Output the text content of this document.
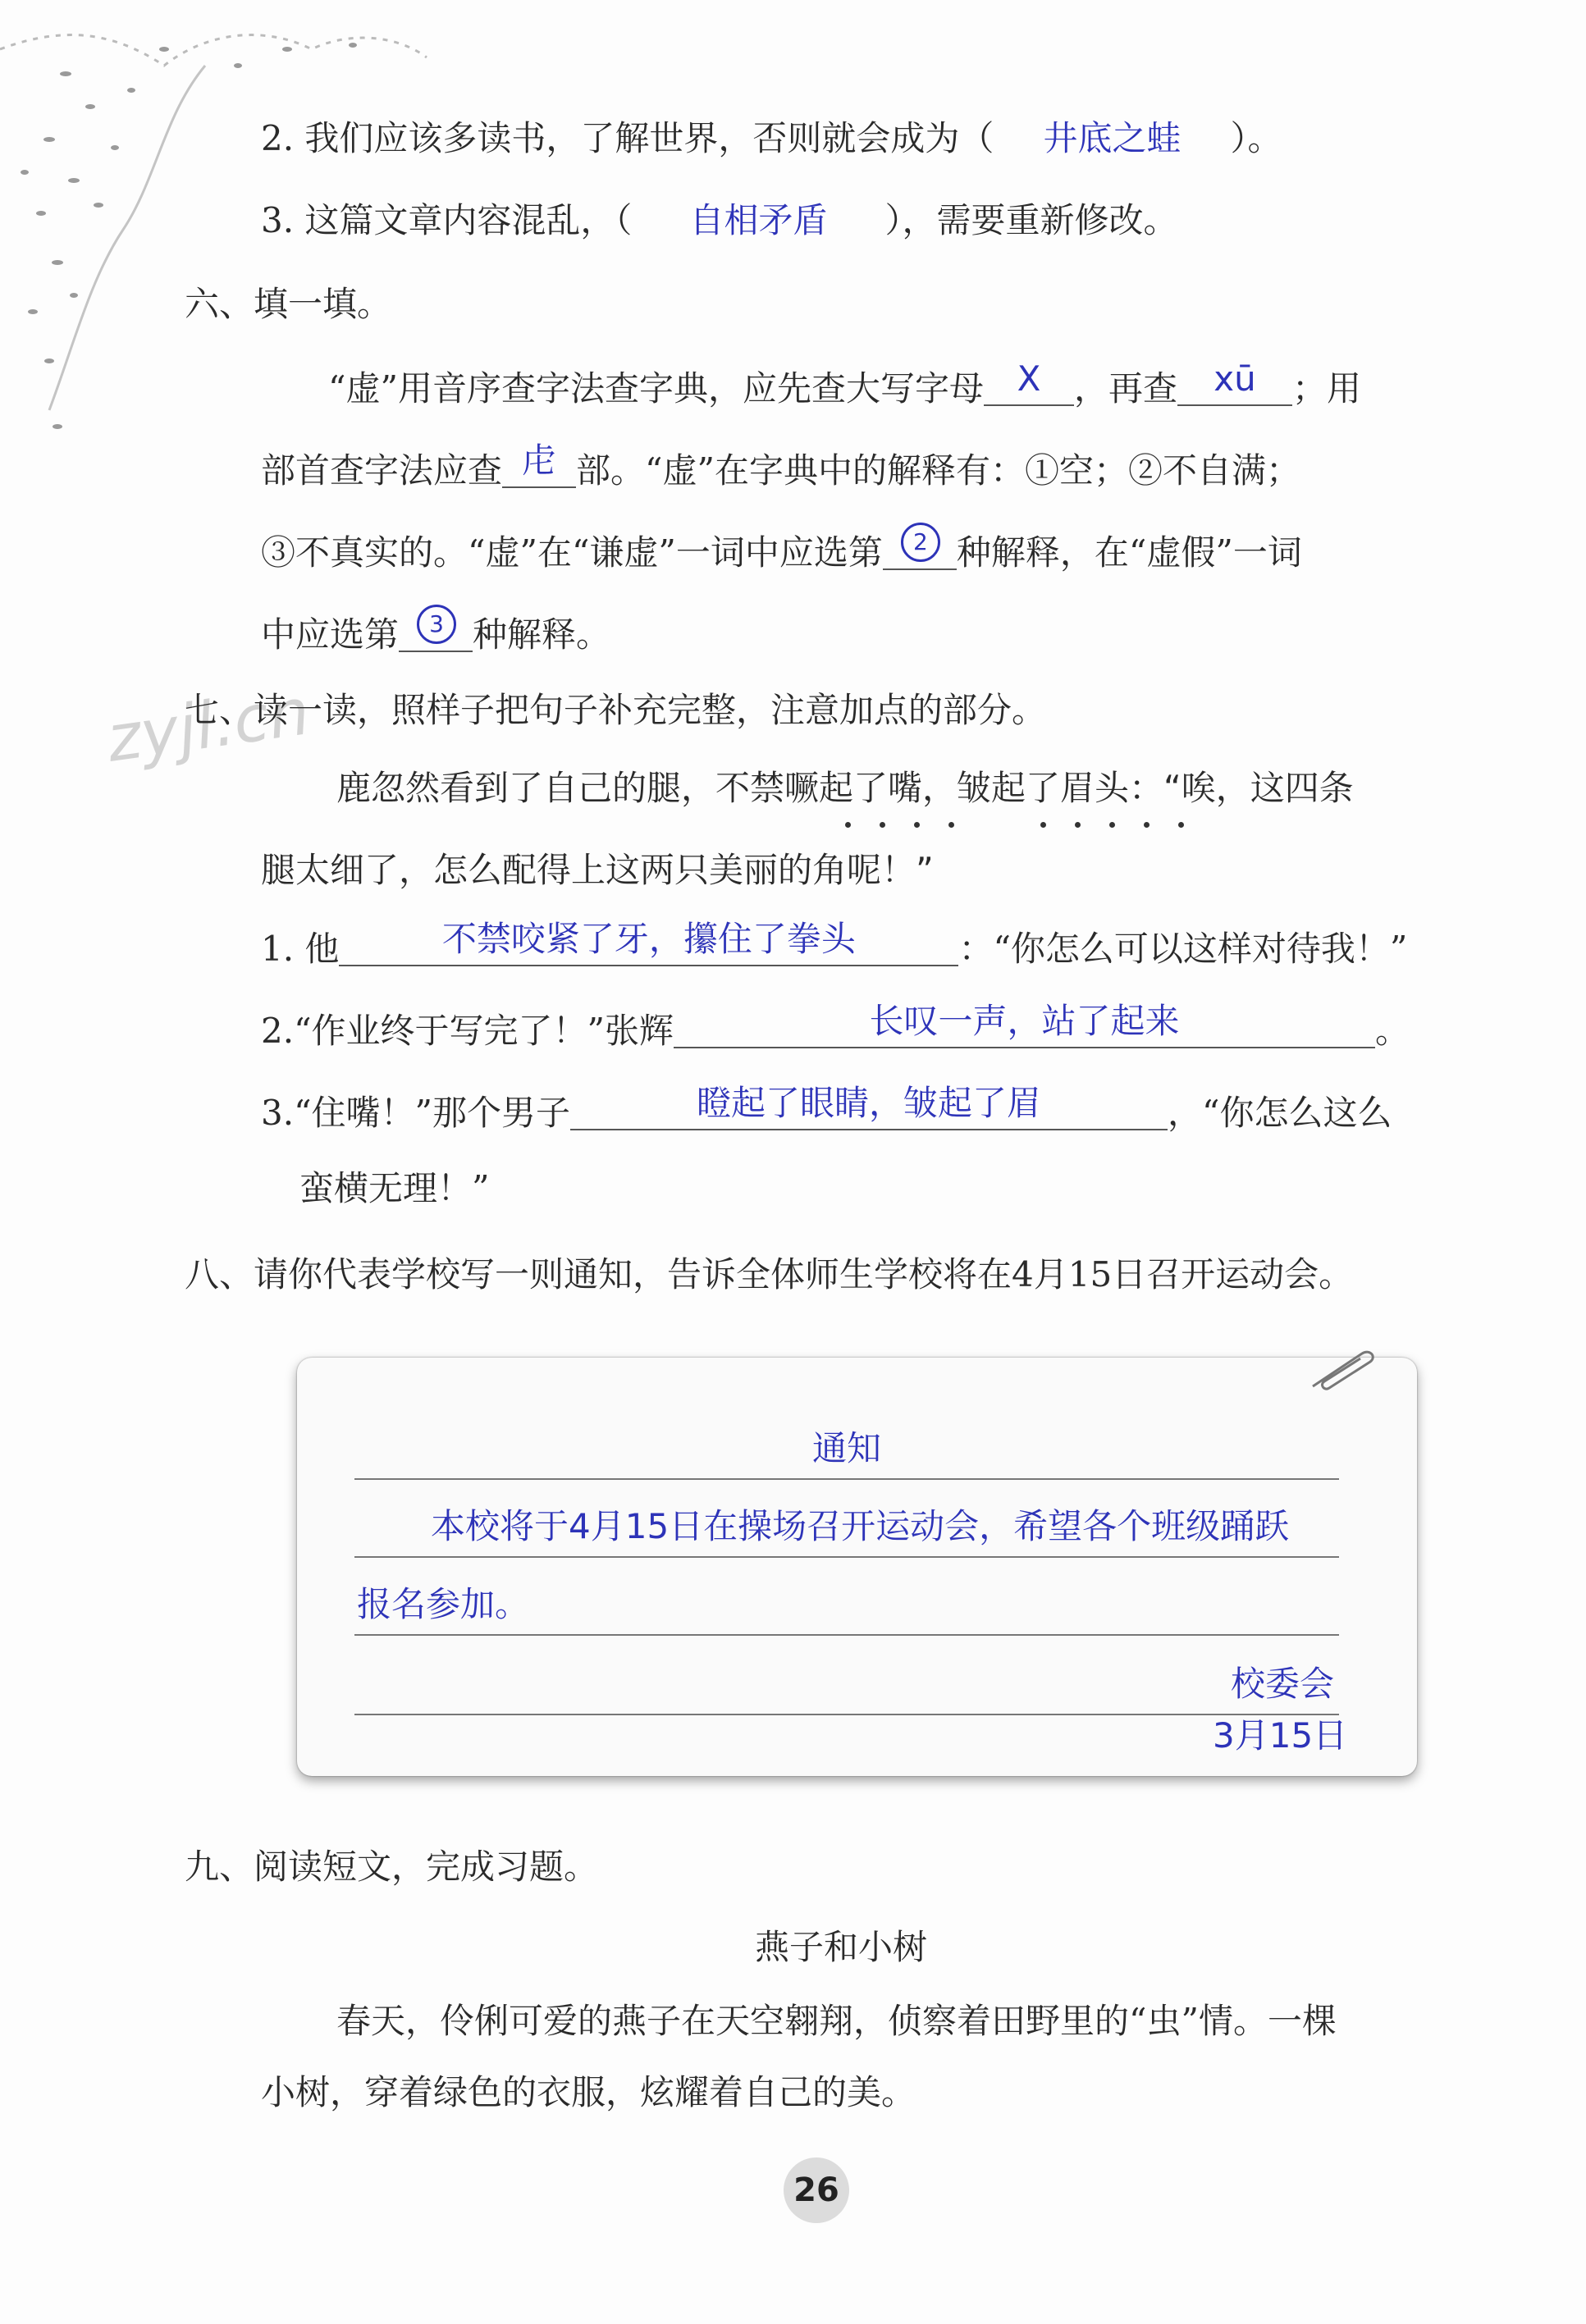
2. 我们应该多读书，了解世界，否则就会成为（ 井底之蛙 ）。
3. 这篇文章内容混乱，（ 自相矛盾 ），需要重新修改。
六、填一填。
“虚”用音序查字法查字典，应先查大写字母 X ，再查	xū	；用
部首查字法应查 虍 部。“虚”在字典中的解释有：①空；②不自满；
③不真实的。“虚”在“谦虚”一词中应选第	2 种解释，在“虚假”一词
中应选第	3 种解释。
zyjl.cn
七、读一读，照样子把句子补充完整，注意加点的部分。
鹿忽然看到了自己的腿，不禁噘起了嘴，皱起了眉头：“唉，这四条
腿太细了，怎么配得上这两只美丽的角呢！”
1. 他	不禁咬紧了牙，攥住了拳头	：“你怎么可以这样对待我！”
2.“作业终于写完了！”张辉	长叹一声，站了起来	。
3.“住嘴！”那个男子	瞪起了眼睛，皱起了眉	，“你怎么这么
蛮横无理！”
八、请你代表学校写一则通知，告诉全体师生学校将在4月15日召开运动会。
通知
本校将于4月15日在操场召开运动会，希望各个班级踊跃
报名参加。
校委会
3月15日
九、阅读短文，完成习题。
燕子和小树
春天，伶俐可爱的燕子在天空翱翔，侦察着田野里的“虫”情。一棵
小树，穿着绿色的衣服，炫耀着自己的美。
26
